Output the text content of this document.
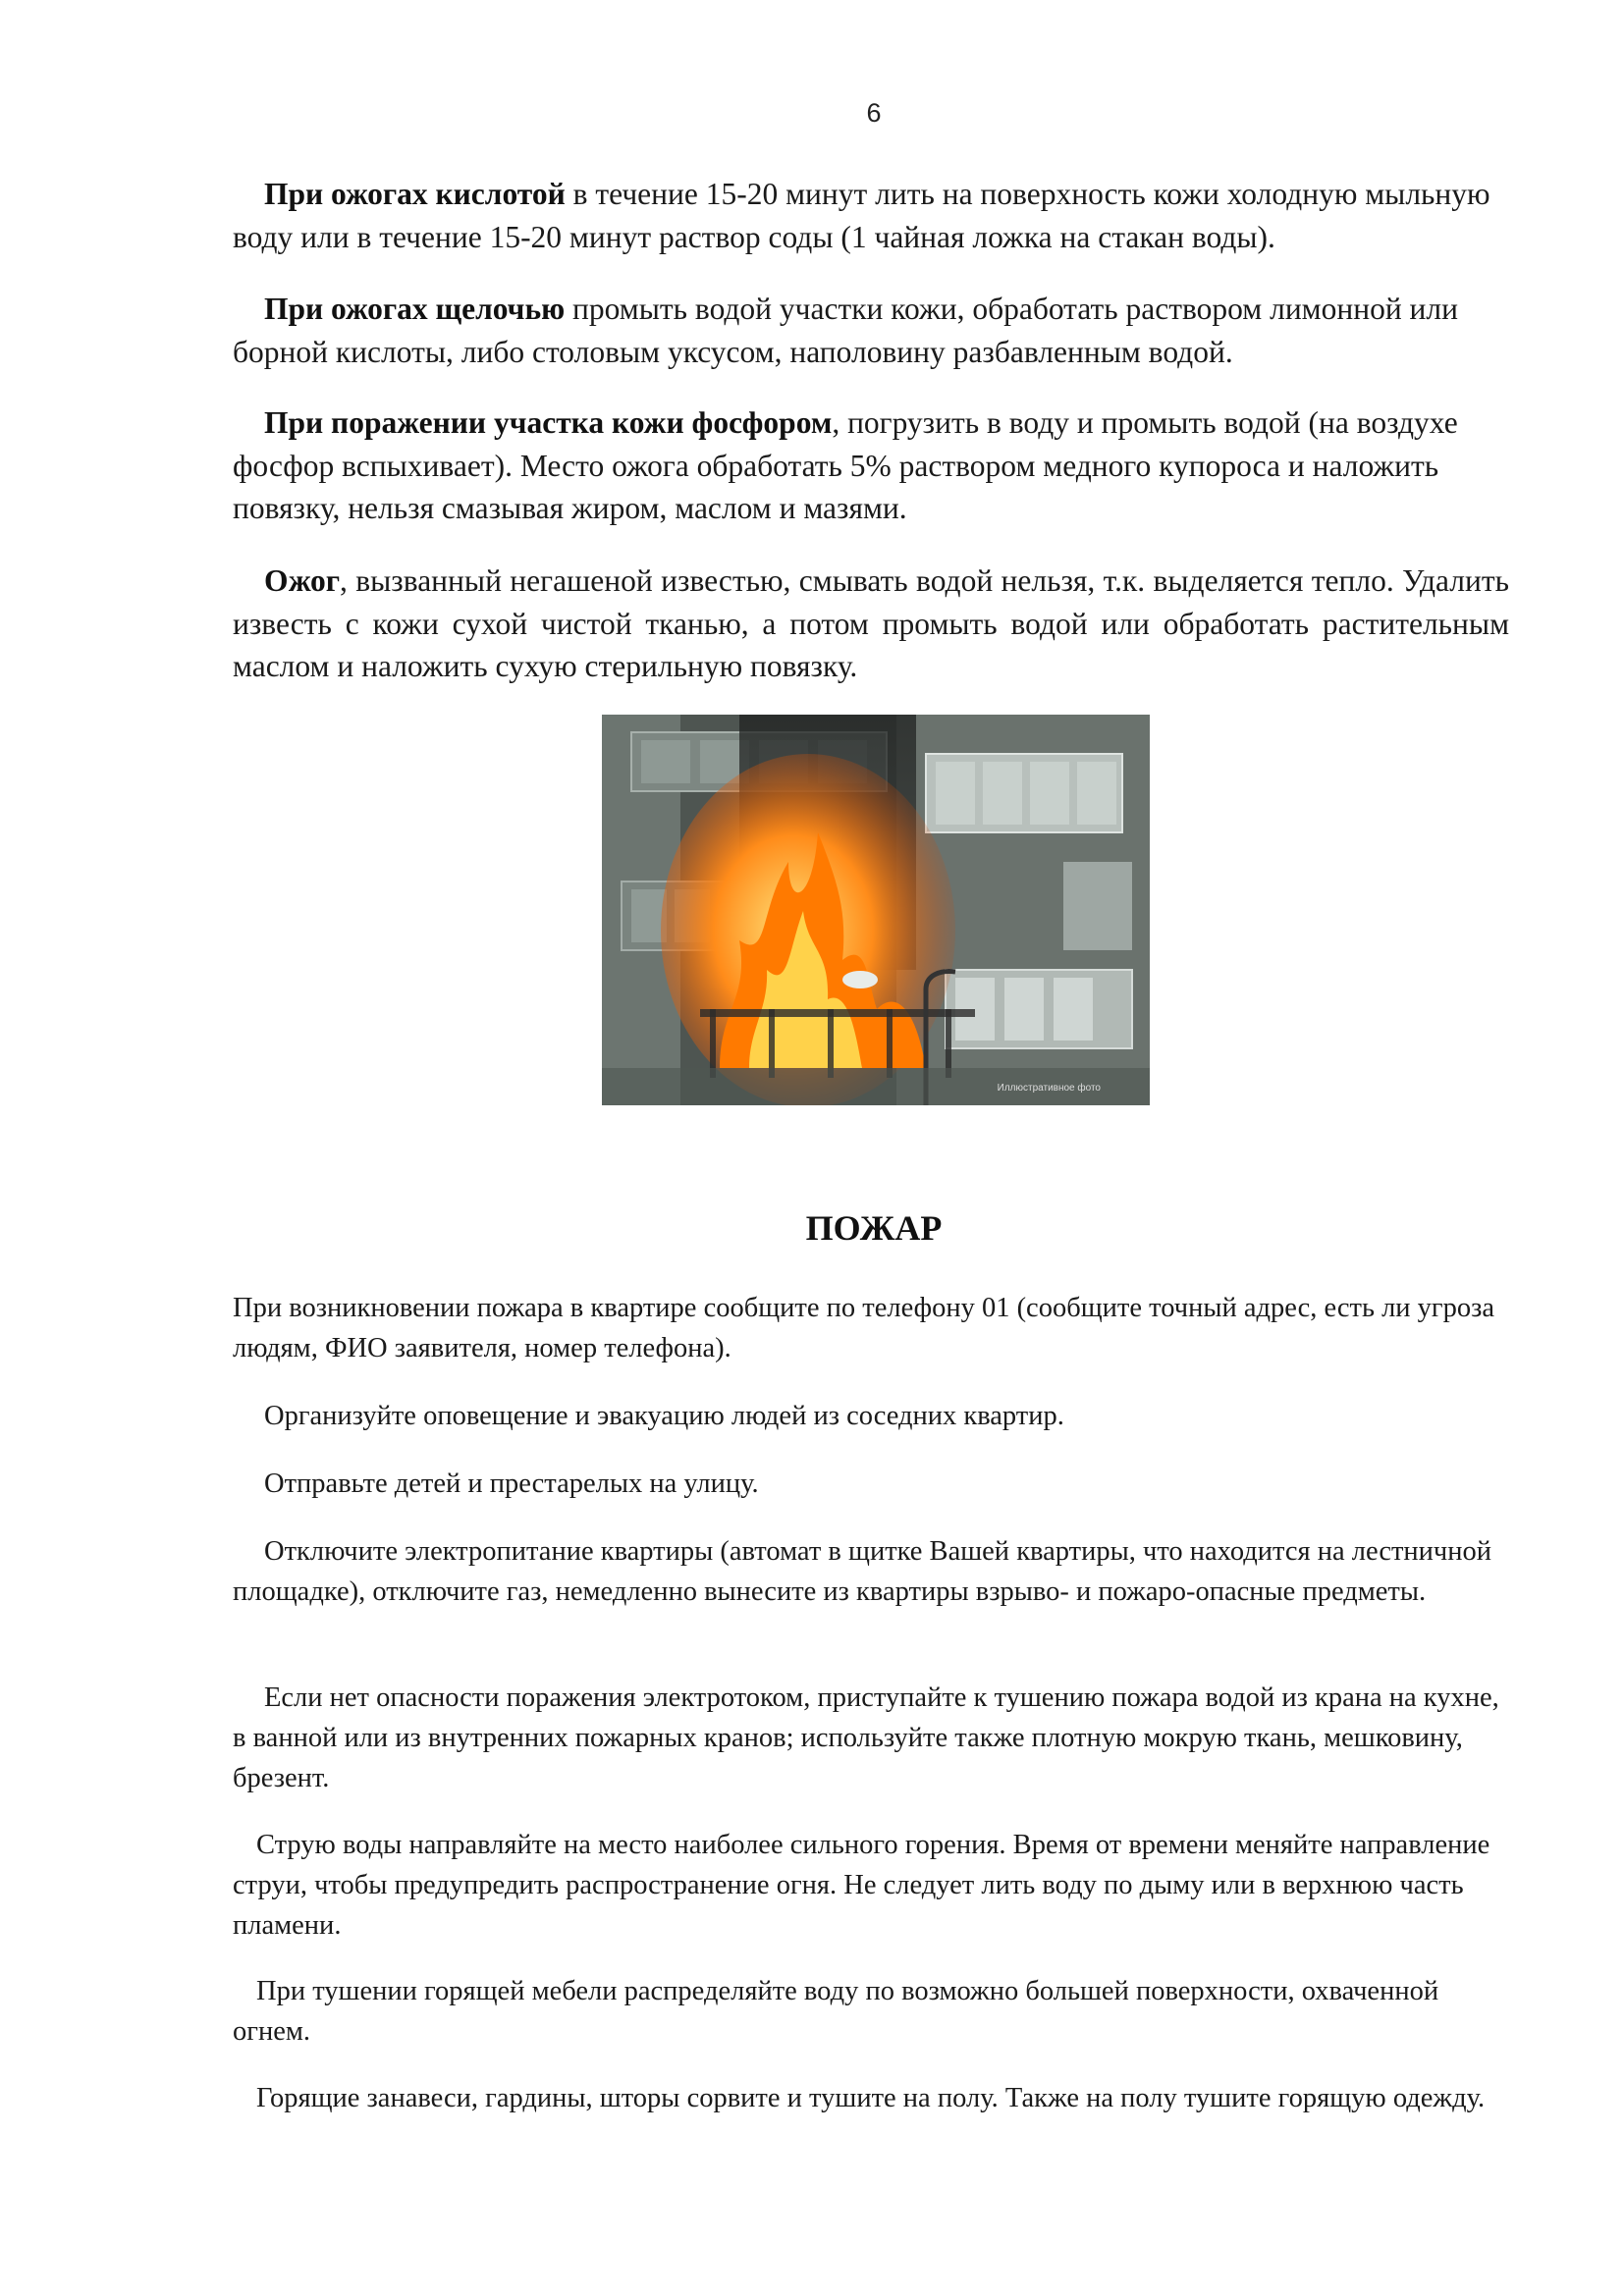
6

При ожогах кислотой в течение 15-20 минут лить на поверхность кожи холодную мыльную воду или в течение 15-20 минут раствор соды (1 чайная ложка на стакан воды).

При ожогах щелочью промыть водой участки кожи, обработать раствором лимонной или борной кислоты, либо столовым уксусом, наполовину разбавленным водой.

При поражении участка кожи фосфором, погрузить в воду и промыть водой (на воздухе фосфор вспыхивает). Место ожога обработать 5% раствором медного купороса и наложить повязку, нельзя смазывая жиром, маслом и мазями.

Ожог, вызванный негашеной известью, смывать водой нельзя, т.к. выделяется тепло. Удалить известь с кожи сухой чистой тканью, а потом промыть водой или обработать растительным маслом и наложить сухую стерильную повязку.

Иллюстративное фото
ПОЖАР

При возникновении пожара в квартире сообщите по телефону 01 (сообщите точный адрес, есть ли угроза людям, ФИО заявителя, номер телефона).

Организуйте оповещение и эвакуацию людей из соседних квартир.

Отправьте детей и престарелых на улицу.

Отключите электропитание квартиры (автомат в щитке Вашей квартиры, что находится на лестничной площадке), отключите газ, немедленно вынесите из квартиры взрыво- и пожаро-опасные предметы.

Если нет опасности поражения электротоком, приступайте к тушению пожара водой из крана на кухне, в ванной или из внутренних пожарных кранов; используйте также плотную мокрую ткань, мешковину, брезент.

Струю воды направляйте на место наиболее сильного горения. Время от времени меняйте направление струи, чтобы предупредить распространение огня. Не следует лить воду по дыму или в верхнюю часть пламени.

При тушении горящей мебели распределяйте воду по возможно большей поверхности, охваченной огнем.

Горящие занавеси, гардины, шторы сорвите и тушите на полу. Также на полу тушите горящую одежду.
